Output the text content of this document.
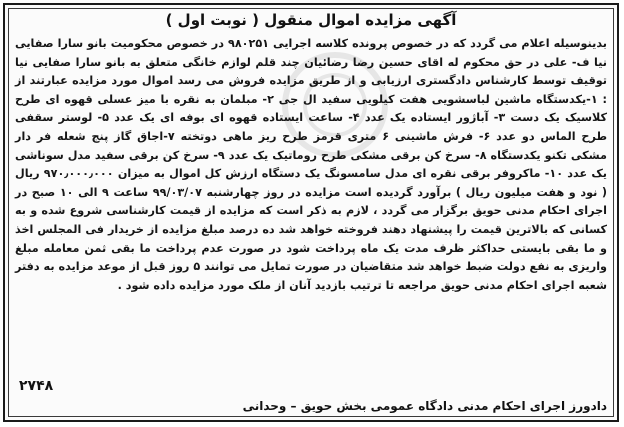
آگهی مزایده اموال منقول ( نوبت اول )
بدینوسیله اعلام می گردد که در خصوص پرونده کلاسه اجرایی ۹۸۰۲۵۱ در خصوص محکومیت بانو سارا صفایی نیا ف- علی در حق محکوم له اقای حسین رضا رضائیان چند قلم لوازم خانگی متعلق به بانو سارا صفایی نیا توقیف توسط کارشناس دادگستری ارزیابی و از طریق مزایده فروش می رسد اموال مورد مزایده عبارتند از : ۱-یکدستگاه ماشین لباسشویی هفت کیلویی سفید ال جی ۲- مبلمان به نقره با میز عسلی قهوه ای طرح کلاسیک یک دست ۳- آباژور ایستاده یک عدد ۴- ساعت ایستاده قهوه ای بوفه ای یک عدد ۵- لوستر سقفی طرح الماس دو عدد ۶- فرش ماشینی ۶ متری قرمز طرح ریز ماهی دوتخته ۷-اجاق گاز پنج شعله فر دار مشکی تکنو یکدستگاه ۸- سرخ کن برقی مشکی طرح روماتیک یک عدد ۹- سرخ کن برقی سفید مدل سوناشی یک عدد ۱۰- ماکروفر برقی نقره ای مدل سامسونگ یک دستگاه ارزش کل اموال به میزان ۹۷۰٫۰۰۰٫۰۰۰ ریال ( نود و هفت میلیون ریال ) برآورد گردیده است مزایده در روز چهارشنبه ۹۹/۰۳/۰۷ ساعت ۹ الی ۱۰ صبح در اجرای احکام مدنی حویق برگزار می گردد ، لازم به ذکر است که مزایده از قیمت کارشناسی شروع شده و به کسانی که بالاترین قیمت را پیشنهاد دهند فروخته خواهد شد ده درصد مبلغ مزایده از خریدار فی المجلس اخذ و ما بقی بایستی حداکثر ظرف مدت یک ماه پرداخت شود در صورت عدم پرداخت ما بقی ثمن معامله مبلغ واریزی به نفع دولت ضبط خواهد شد متقاضیان در صورت تمایل می توانند ۵ روز قبل از موعد مزایده به دفتر شعبه اجرای احکام مدنی حویق مراجعه تا ترتیب بازدید آنان از ملک مورد مزایده داده شود .
۲۷۴۸
دادورز اجرای احکام مدنی دادگاه عمومی بخش حویق – وحدانی
